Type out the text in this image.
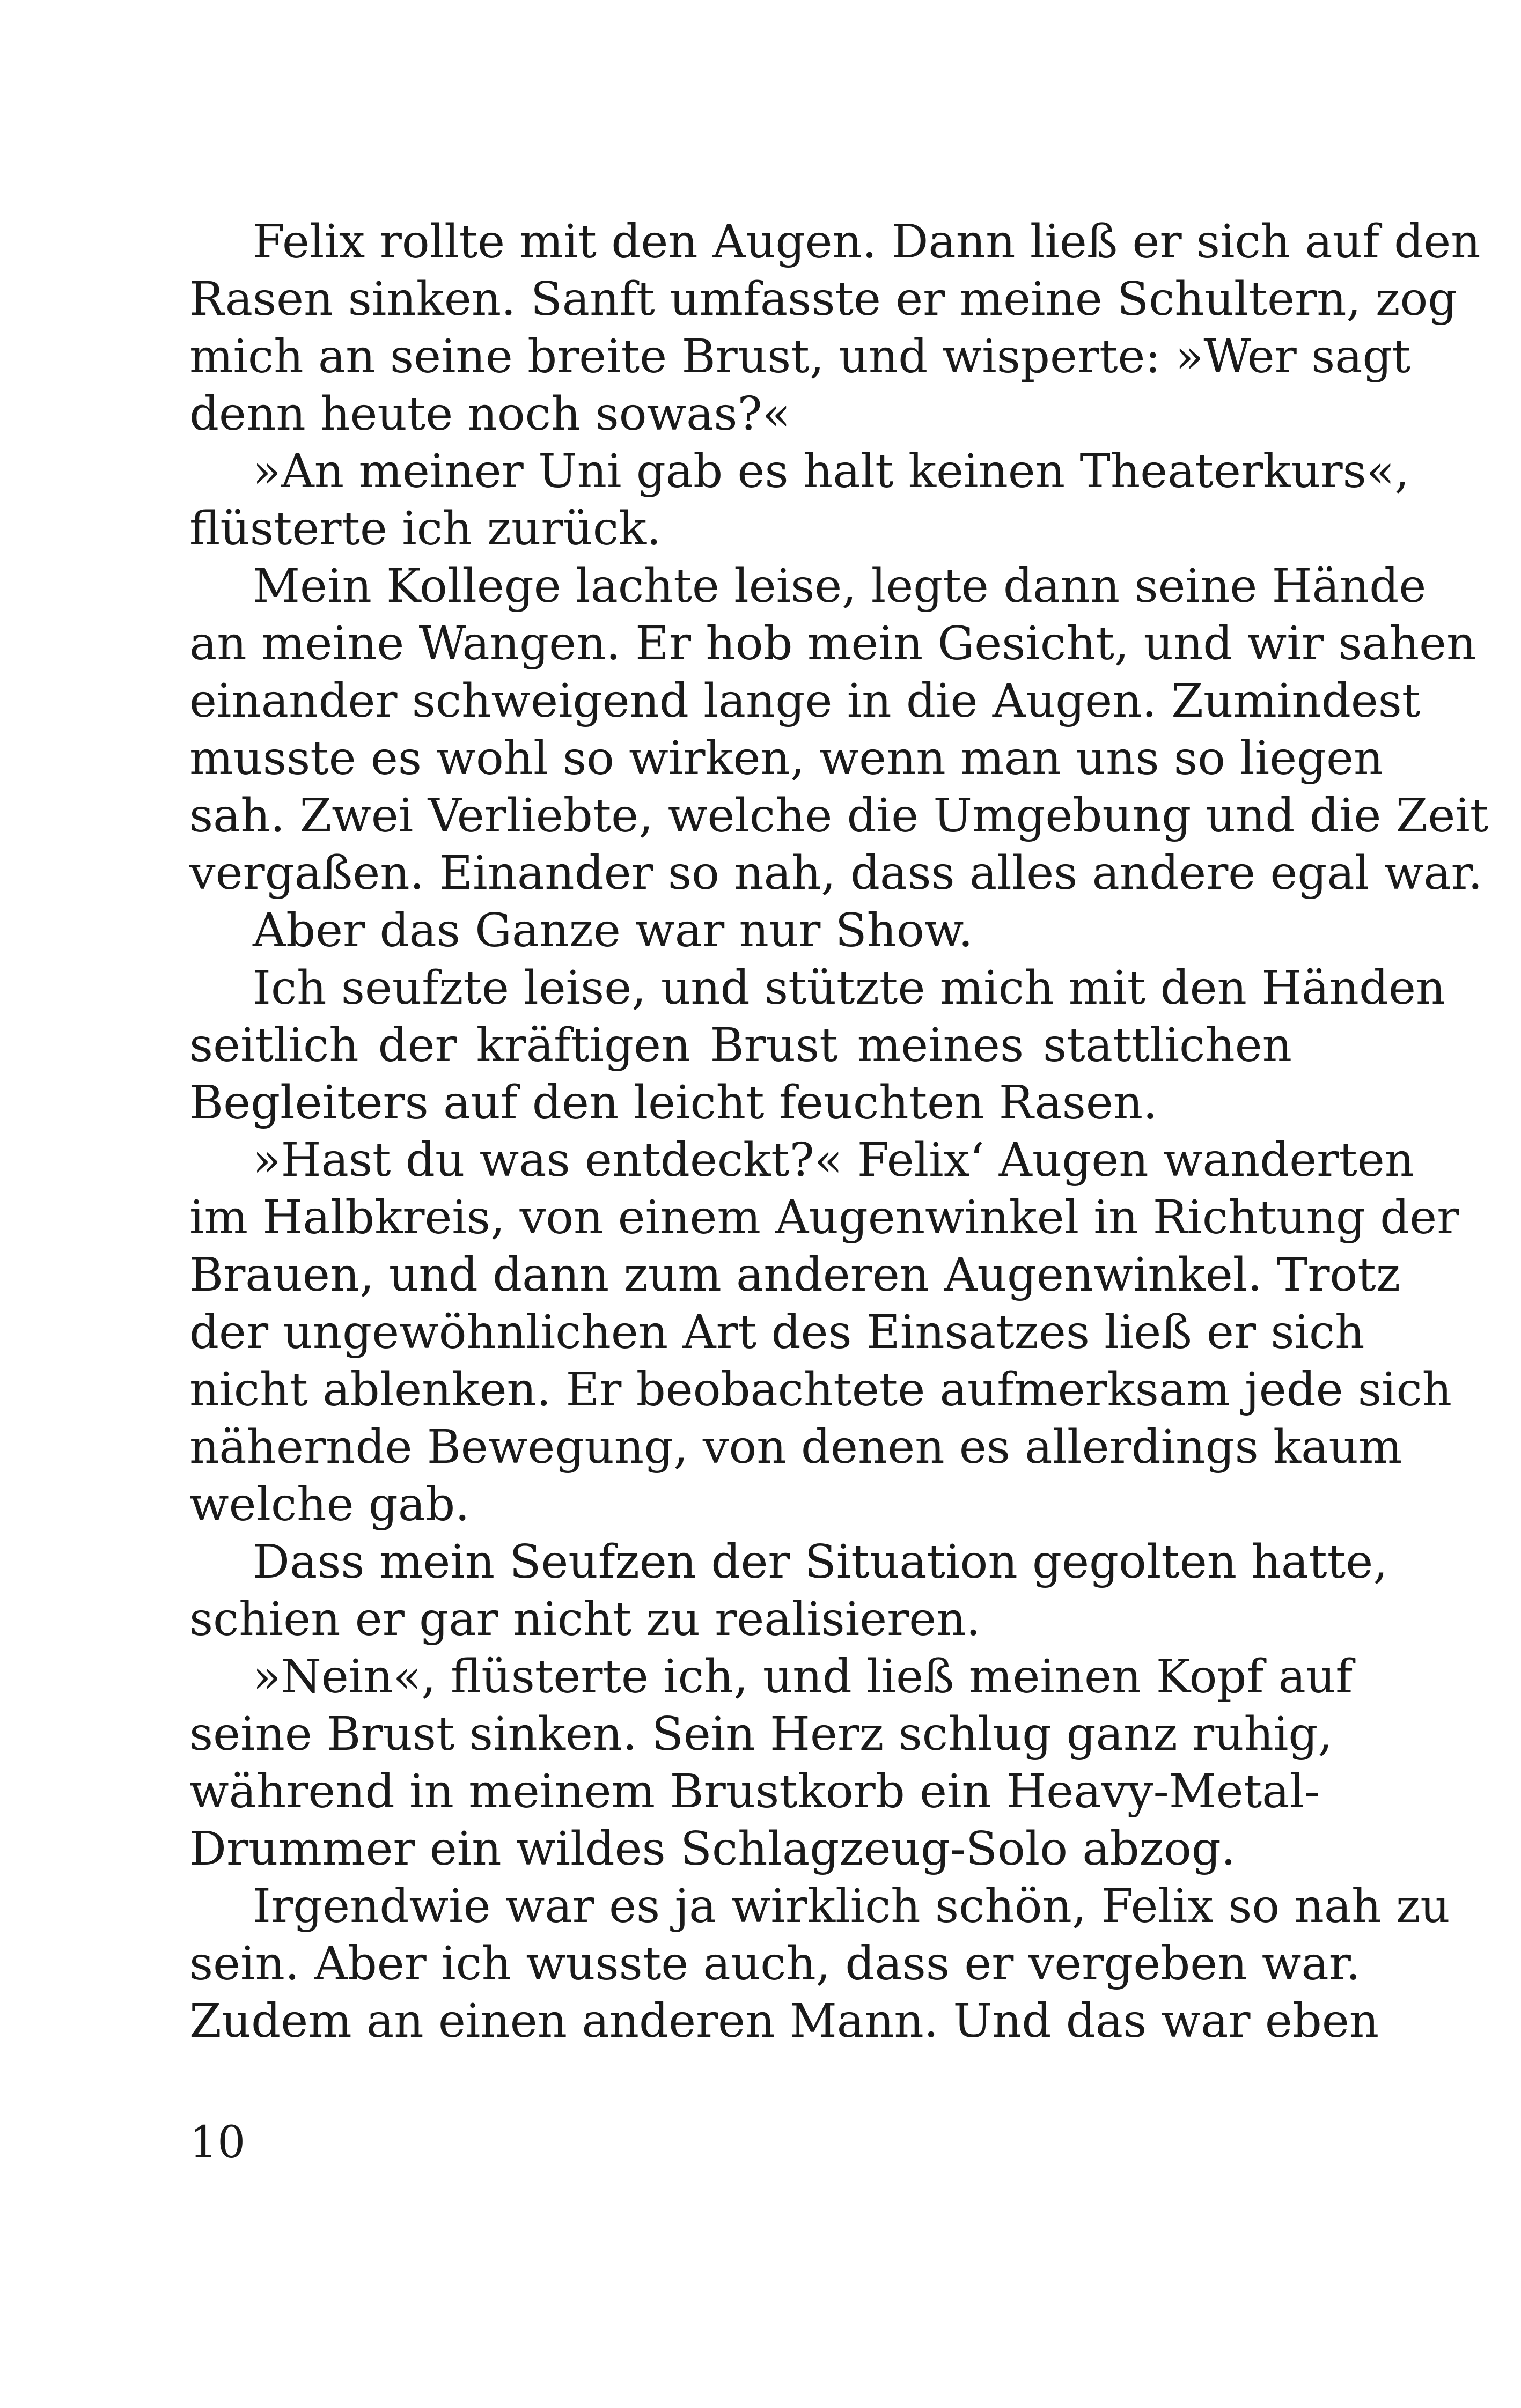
Felix rollte mit den Augen. Dann ließ er sich auf den
Rasen sinken. Sanft umfasste er meine Schultern, zog
mich an seine breite Brust, und wisperte: »Wer sagt
denn heute noch sowas?«
»An meiner Uni gab es halt keinen Theaterkurs«,
flüsterte ich zurück.
Mein Kollege lachte leise, legte dann seine Hände
an meine Wangen. Er hob mein Gesicht, und wir sahen
einander schweigend lange in die Augen. Zumindest
musste es wohl so wirken, wenn man uns so liegen
sah. Zwei Verliebte, welche die Umgebung und die Zeit
vergaßen. Einander so nah, dass alles andere egal war.
Aber das Ganze war nur Show.
Ich seufzte leise, und stützte mich mit den Händen
seitlich der kräftigen Brust meines stattlichen
Begleiters auf den leicht feuchten Rasen.
»Hast du was entdeckt?« Felix‘ Augen wanderten
im Halbkreis, von einem Augenwinkel in Richtung der
Brauen, und dann zum anderen Augenwinkel. Trotz
der ungewöhnlichen Art des Einsatzes ließ er sich
nicht ablenken. Er beobachtete aufmerksam jede sich
nähernde Bewegung, von denen es allerdings kaum
welche gab.
Dass mein Seufzen der Situation gegolten hatte,
schien er gar nicht zu realisieren.
»Nein«, flüsterte ich, und ließ meinen Kopf auf
seine Brust sinken. Sein Herz schlug ganz ruhig,
während in meinem Brustkorb ein Heavy-Metal-
Drummer ein wildes Schlagzeug-Solo abzog.
Irgendwie war es ja wirklich schön, Felix so nah zu
sein. Aber ich wusste auch, dass er vergeben war.
Zudem an einen anderen Mann. Und das war eben
10
